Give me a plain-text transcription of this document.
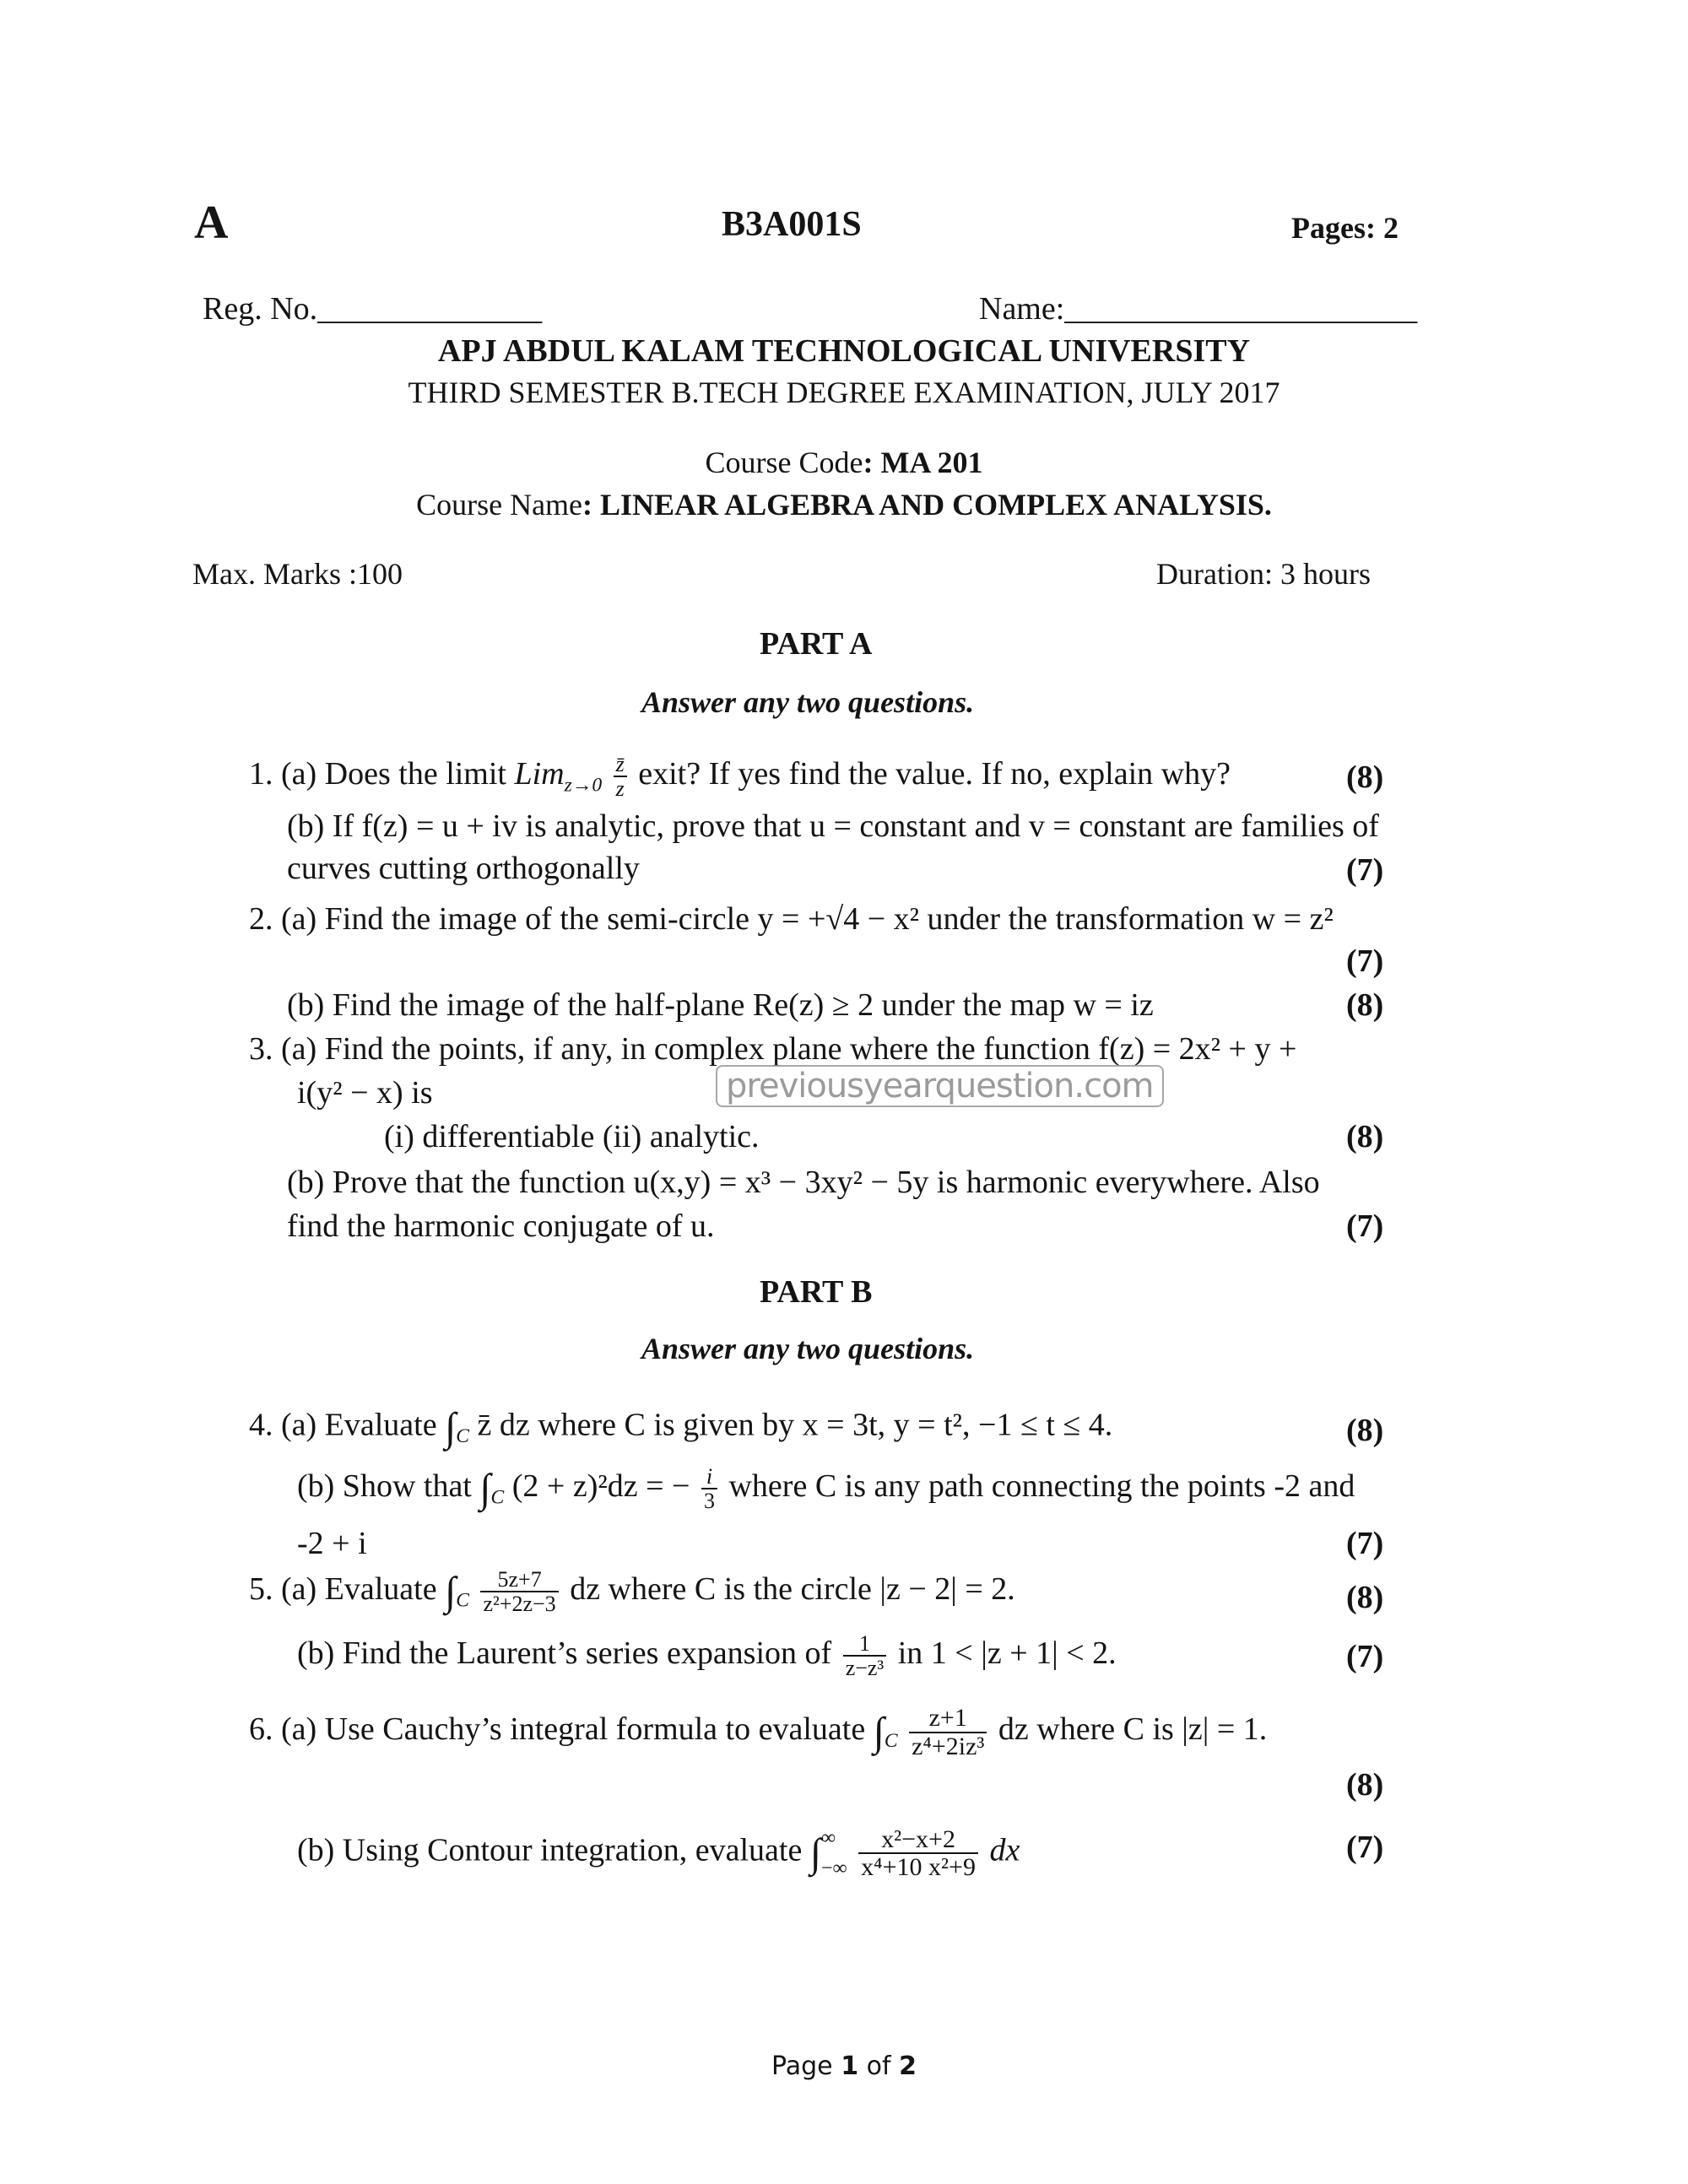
A	B3A001S	Pages: 2
Reg. No.______________	Name:______________________
APJ ABDUL KALAM TECHNOLOGICAL UNIVERSITY
THIRD SEMESTER B.TECH DEGREE EXAMINATION, JULY 2017
Course Code: MA 201
Course Name: LINEAR ALGEBRA AND COMPLEX ANALYSIS.
Max. Marks :100	Duration: 3 hours
PART A
Answer any two questions.
1. (a) Does the limit $Lim_{z\to 0} \frac{z̄}{z}$ exit? If yes find the value. If no, explain why?	(8)
(b) If f(z) = u + iv is analytic, prove that u = constant and v = constant are families of
curves cutting orthogonally	(7)
2. (a) Find the image of the semi-circle y = +√4 − x² under the transformation w = z²
(7)
(b) Find the image of the half-plane Re(z) ≥ 2 under the map w = iz	(8)
3. (a) Find the points, if any, in complex plane where the function f(z) = 2x² + y +
i(y² − x) is	previousyearquestion.com
(i) differentiable (ii) analytic.	(8)
(b) Prove that the function u(x,y) = x³ − 3xy² − 5y is harmonic everywhere. Also
find the harmonic conjugate of u.	(7)
PART B
Answer any two questions.
4. (a) Evaluate $\int_C$ z̄ dz where C is given by x = 3t, y = t², −1 ≤ t ≤ 4.	(8)
(b) Show that $\int_C$ (2 + z)²dz = − $\frac{i}{3}$ where C is any path connecting the points -2 and
-2 + i	(7)
5. (a) Evaluate $\int_C \frac{5z+7}{\text{z²+2z−3}}$ dz where C is the circle |z − 2| = 2.	(8)
(b) Find the Laurent’s series expansion of $\frac{1}{\text{z−z³}}$ in 1 < |z + 1| < 2.	(7)
6. (a) Use Cauchy’s integral formula to evaluate $\int_C \frac{z+1}{\text{z⁴+2iz³}}$ dz where C is |z| = 1.
(8)
(b) Using Contour integration, evaluate ∫ ∞
−∞
$\frac{\text{x²−x+2}}{\text{x⁴+10 x²+9}}$ dx	(7)
Page 1 of 2
